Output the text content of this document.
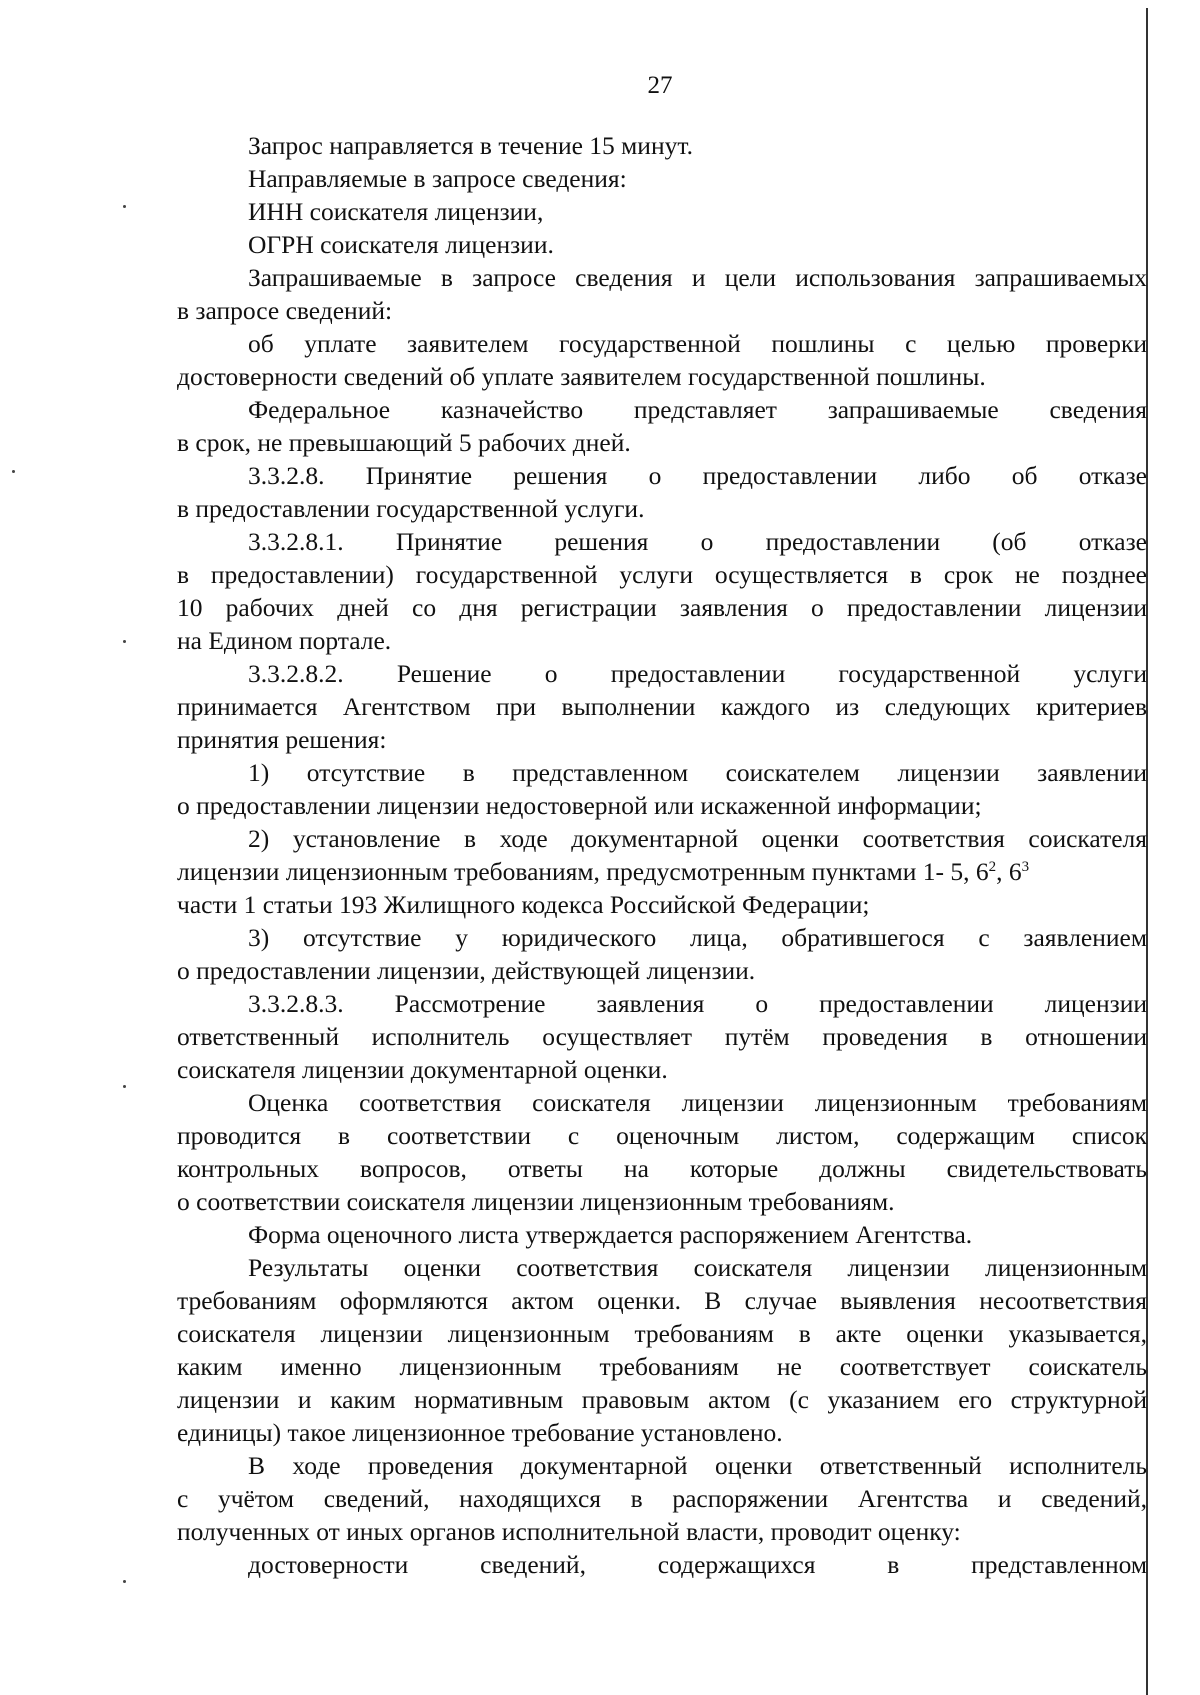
27
Запрос направляется в течение 15 минут.
Направляемые в запросе сведения:
ИНН соискателя лицензии,
ОГРН соискателя лицензии.
Запрашиваемые в запросе сведения и цели использования запрашиваемых
в запросе сведений:
об уплате заявителем государственной пошлины с целью проверки
достоверности сведений об уплате заявителем государственной пошлины.
Федеральное казначейство представляет запрашиваемые сведения
в срок, не превышающий 5 рабочих дней.
3.3.2.8. Принятие решения о предоставлении либо об отказе
в предоставлении государственной услуги.
3.3.2.8.1. Принятие решения о предоставлении (об отказе
в предоставлении) государственной услуги осуществляется в срок не позднее
10 рабочих дней со дня регистрации заявления о предоставлении лицензии
на Едином портале.
3.3.2.8.2. Решение о предоставлении государственной услуги
принимается Агентством при выполнении каждого из следующих критериев
принятия решения:
1) отсутствие в представленном соискателем лицензии заявлении
о предоставлении лицензии недостоверной или искаженной информации;
2) установление в ходе документарной оценки соответствия соискателя
лицензии лицензионным требованиям, предусмотренным пунктами 1- 5, $6^2$, $6^3$
части 1 статьи 193 Жилищного кодекса Российской Федерации;
3) отсутствие у юридического лица, обратившегося с заявлением
о предоставлении лицензии, действующей лицензии.
3.3.2.8.3. Рассмотрение заявления о предоставлении лицензии
ответственный исполнитель осуществляет путём проведения в отношении
соискателя лицензии документарной оценки.
Оценка соответствия соискателя лицензии лицензионным требованиям
проводится в соответствии с оценочным листом, содержащим список
контрольных вопросов, ответы на которые должны свидетельствовать
о соответствии соискателя лицензии лицензионным требованиям.
Форма оценочного листа утверждается распоряжением Агентства.
Результаты оценки соответствия соискателя лицензии лицензионным
требованиям оформляются актом оценки. В случае выявления несоответствия
соискателя лицензии лицензионным требованиям в акте оценки указывается,
каким именно лицензионным требованиям не соответствует соискатель
лицензии и каким нормативным правовым актом (с указанием его структурной
единицы) такое лицензионное требование установлено.
В ходе проведения документарной оценки ответственный исполнитель
с учётом сведений, находящихся в распоряжении Агентства и сведений,
полученных от иных органов исполнительной власти, проводит оценку:
достоверности сведений, содержащихся в представленном
